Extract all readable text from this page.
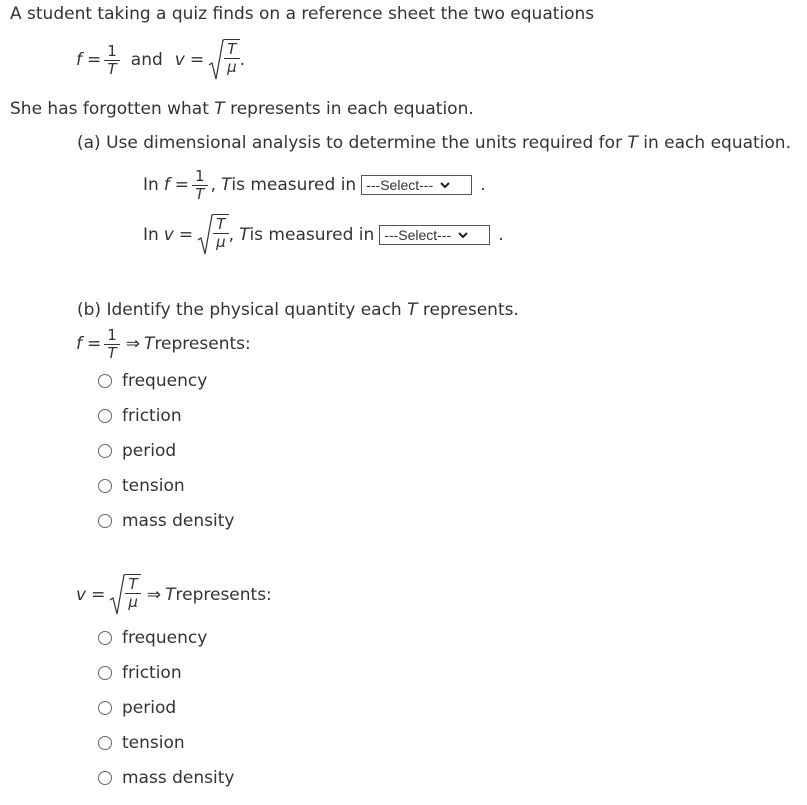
A student taking a quiz finds on a reference sheet the two equations
$f = \frac{1}{T}$ and $v = \frac{T}{\mu}$ .
She has forgotten what T represents in each equation.
(a) Use dimensional analysis to determine the units required for T in each equation.
In $f = \frac{1}{T}$ , T is measured in ---Select---	.
In $v = \frac{T}{\mu}$ , T is measured in ---Select---	.
(b) Identify the physical quantity each T represents.
$f = \frac{1}{T}$ ⇒ T represents:
frequency
friction
period
tension
mass density
$v = \frac{T}{\mu}$ ⇒ T represents:
frequency
friction
period
tension
mass density
